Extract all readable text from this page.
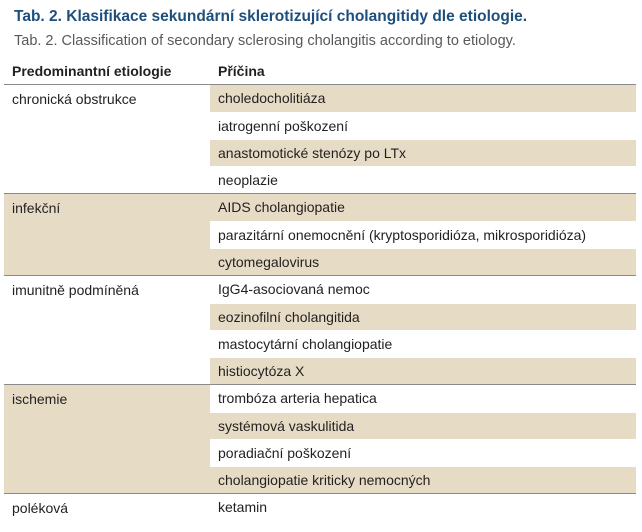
Tab. 2. Klasifikace sekundární sklerotizující cholangitidy dle etiologie.
Tab. 2. Classification of secondary sclerosing cholangitis according to etiology.
Predominantní etiologie	Příčina
chronická obstrukce	choledocholitiáza
iatrogenní poškození
anastomotické stenózy po LTx
neoplazie
infekční	AIDS cholangiopatie
parazitární onemocnění (kryptosporidióza, mikrosporidióza)
cytomegalovirus
imunitně podmíněná	IgG4-asociovaná nemoc
eozinofilní cholangitida
mastocytární cholangiopatie
histiocytóza X
ischemie	trombóza arteria hepatica
systémová vaskulitida
poradiační poškození
cholangiopatie kriticky nemocných
poléková	ketamin
